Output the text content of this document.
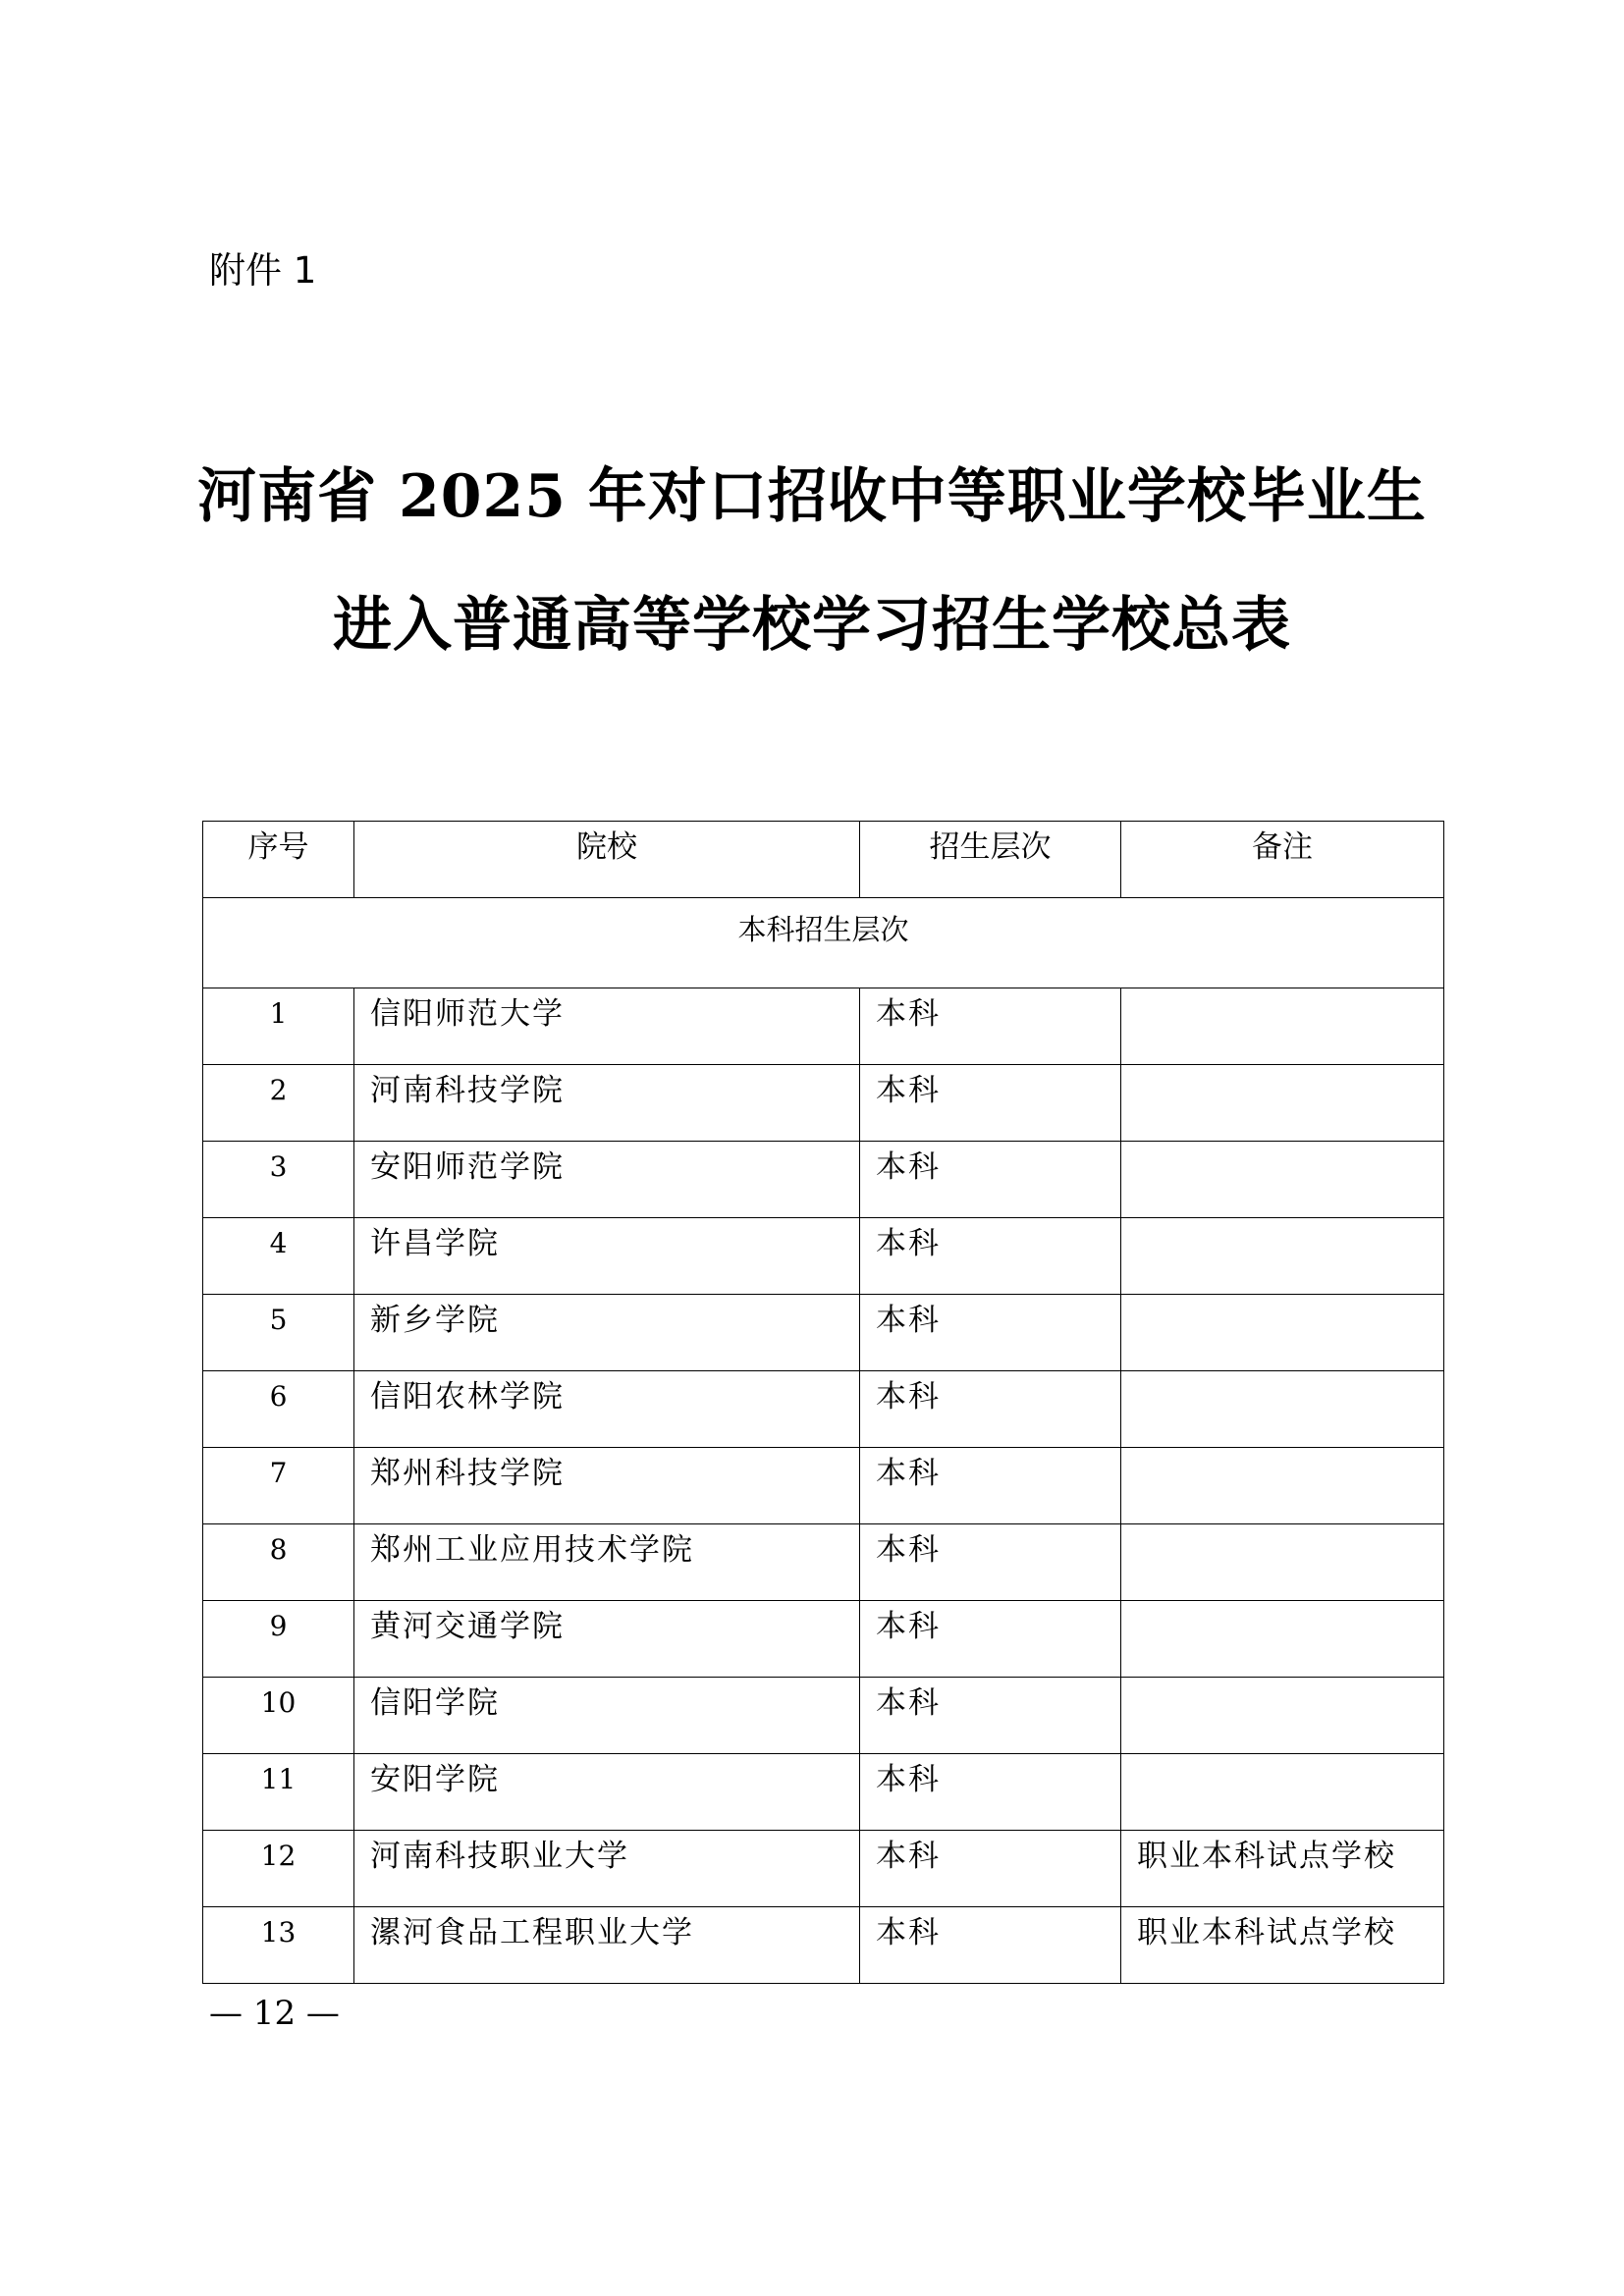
附件 1
河南省 2025 年对口招收中等职业学校毕业生
进入普通高等学校学习招生学校总表
序号	院校	招生层次	备注
本科招生层次			
1	信阳师范大学	本科	
2	河南科技学院	本科	
3	安阳师范学院	本科	
4	许昌学院	本科	
5	新乡学院	本科	
6	信阳农林学院	本科	
7	郑州科技学院	本科	
8	郑州工业应用技术学院	本科	
9	黄河交通学院	本科	
10	信阳学院	本科	
11	安阳学院	本科	
12	河南科技职业大学	本科	职业本科试点学校
13	漯河食品工程职业大学	本科	职业本科试点学校
— 12 —
